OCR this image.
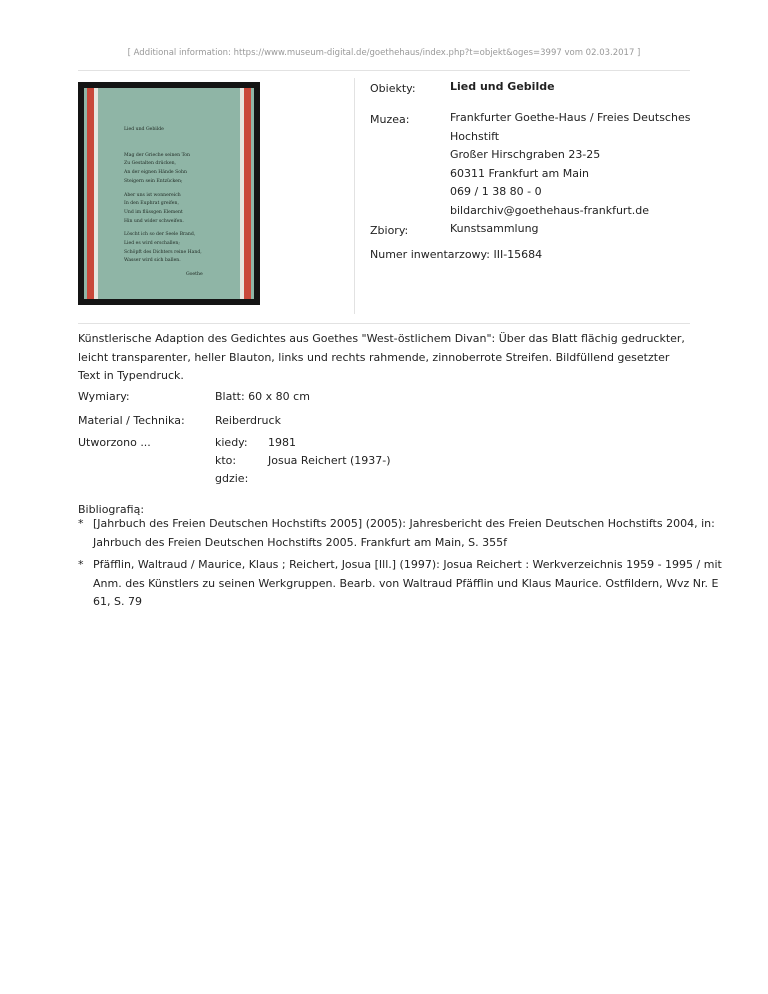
[ Additional information: https://www.museum-digital.de/goethehaus/index.php?t=objekt&oges=3997 vom 02.03.2017 ]
Lied und Gebilde
Mag der Grieche seinen Ton
Zu Gestalten drücken,
An der eignen Hände Sohn
Steigern sein Entzücken;
Aber uns ist wonnereich
In den Euphrat greifen,
Und im flüssgen Element
Hin und wider schweifen.
Löscht ich so der Seele Brand,
Lied es wird erschallen;
Schöpft des Dichters reine Hand,
Wasser wird sich ballen.
Goethe
Obiekty:	Lied und Gebilde
Muzea:	Frankfurter Goethe-Haus / Freies Deutsches
Hochstift
Großer Hirschgraben 23-25
60311 Frankfurt am Main
069 / 1 38 80 - 0
bildarchiv@goethehaus-frankfurt.de
Zbiory:	Kunstsammlung
Numer inwentarzowy: III-15684
Künstlerische Adaption des Gedichtes aus Goethes "West-östlichem Divan": Über das Blatt flächig gedruckter, leicht transparenter, heller Blauton, links und rechts rahmende, zinnoberrote Streifen. Bildfüllend gesetzter Text in Typendruck.
Wymiary:	Blatt: 60 x 80 cm
Material / Technika:	Reiberdruck
Utworzono ...	kiedy: 1981
kto:	Josua Reichert (1937-)
gdzie:
Bibliografią:
* [Jahrbuch des Freien Deutschen Hochstifts 2005] (2005): Jahresbericht des Freien Deutschen Hochstifts 2004, in: Jahrbuch des Freien Deutschen Hochstifts 2005. Frankfurt am Main, S. 355f
* Pfäfflin, Waltraud / Maurice, Klaus ; Reichert, Josua [Ill.] (1997): Josua Reichert : Werkverzeichnis 1959 - 1995 / mit Anm. des Künstlers zu seinen Werkgruppen. Bearb. von Waltraud Pfäfflin und Klaus Maurice. Ostfildern, Wvz Nr. E 61, S. 79
